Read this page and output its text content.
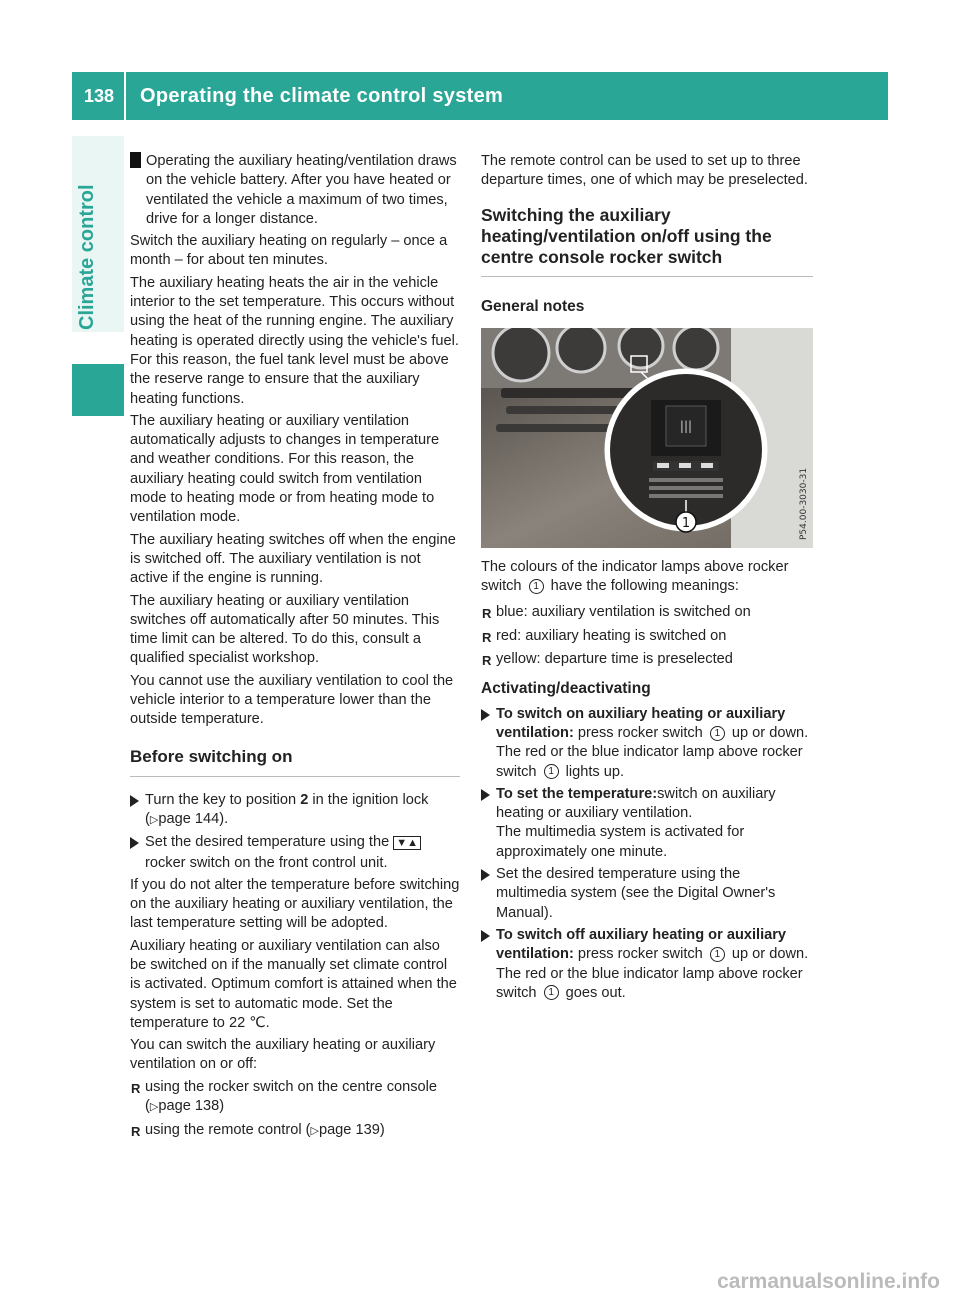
138	Operating the climate control system
Climate control

! Operating the auxiliary heating/ventilation draws on the vehicle battery. After you have heated or ventilated the vehicle a maximum of two times, drive for a longer distance.

Switch the auxiliary heating on regularly – once a month – for about ten minutes.

The auxiliary heating heats the air in the vehicle interior to the set temperature. This occurs without using the heat of the running engine. The auxiliary heating is operated directly using the vehicle's fuel. For this reason, the fuel tank level must be above the reserve range to ensure that the auxiliary heating functions.

The auxiliary heating or auxiliary ventilation automatically adjusts to changes in temperature and weather conditions. For this reason, the auxiliary heating could switch from ventilation mode to heating mode or from heating mode to ventilation mode.

The auxiliary heating switches off when the engine is switched off. The auxiliary ventilation is not active if the engine is running.

The auxiliary heating or auxiliary ventilation switches off automatically after 50 minutes. This time limit can be altered. To do this, consult a qualified specialist workshop.

You cannot use the auxiliary ventilation to cool the vehicle interior to a temperature lower than the outside temperature.

Before switching on

Turn the key to position 2 in the ignition lock (▷page 144).

Set the desired temperature using the ▼▲ rocker switch on the front control unit.

If you do not alter the temperature before switching on the auxiliary heating or auxiliary ventilation, the last temperature setting will be adopted.

Auxiliary heating or auxiliary ventilation can also be switched on if the manually set climate control is activated. Optimum comfort is attained when the system is set to automatic mode. Set the temperature to 22 ℃.

You can switch the auxiliary heating or auxiliary ventilation on or off:

R using the rocker switch on the centre console (▷page 138)

R using the remote control (▷page 139)

The remote control can be used to set up to three departure times, one of which may be preselected.

Switching the auxiliary heating/ventilation on/off using the centre console rocker switch
General notes
|||
1	P54.00-3030-31

The colours of the indicator lamps above rocker switch 1 have the following meanings:

R blue: auxiliary ventilation is switched on

R red: auxiliary heating is switched on

R yellow: departure time is preselected

Activating/deactivating

To switch on auxiliary heating or auxiliary ventilation: press rocker switch 1 up or down.
The red or the blue indicator lamp above rocker switch 1 lights up.

To set the temperature:switch on auxiliary heating or auxiliary ventilation.
The multimedia system is activated for approximately one minute.

Set the desired temperature using the multimedia system (see the Digital Owner's Manual).

To switch off auxiliary heating or auxiliary ventilation: press rocker switch 1 up or down.
The red or the blue indicator lamp above rocker switch 1 goes out.

carmanualsonline.info
